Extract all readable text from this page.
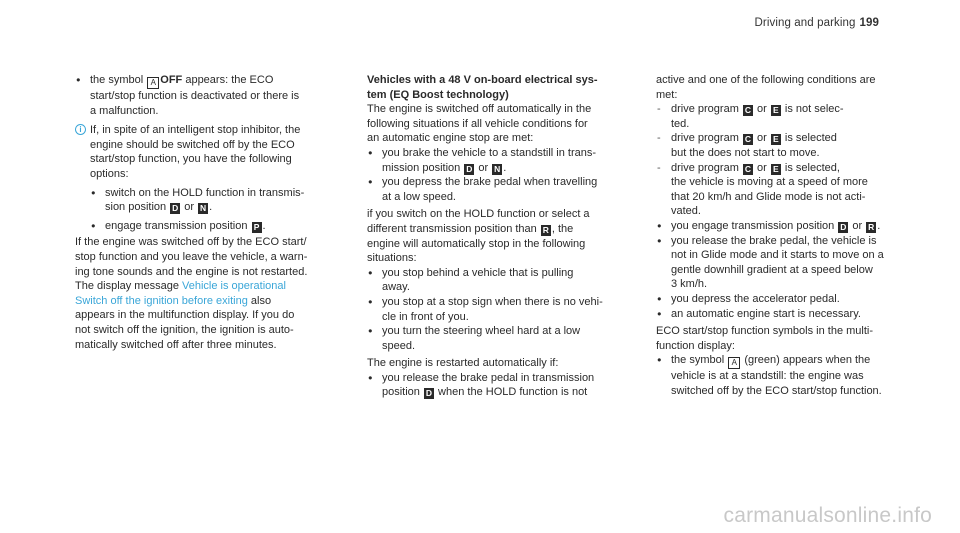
Driving and parking 199
● the symbol A OFF appears: the ECO
start/stop function is deactivated or there is
a malfunction.
i If, in spite of an intelligent stop inhibitor, the
engine should be switched off by the ECO
start/stop function, you have the following
options:
● switch on the HOLD function in transmis-
sion position D or N .
● engage transmission position P .
If the engine was switched off by the ECO start/
stop function and you leave the vehicle, a warn-
ing tone sounds and the engine is not restarted.
The display message Vehicle is operational
Switch off the ignition before exiting also
appears in the multifunction display. If you do
not switch off the ignition, the ignition is auto-
matically switched off after three minutes.
Vehicles with a 48 V on-board electrical sys-
tem (EQ Boost technology)
The engine is switched off automatically in the
following situations if all vehicle conditions for
an automatic engine stop are met:
● you brake the vehicle to a standstill in trans-
mission position D or N .
● you depress the brake pedal when travelling
at a low speed.
if you switch on the HOLD function or select a
different transmission position than R , the
engine will automatically stop in the following
situations:
● you stop behind a vehicle that is pulling
away.
● you stop at a stop sign when there is no vehi-
cle in front of you.
● you turn the steering wheel hard at a low
speed.
The engine is restarted automatically if:
● you release the brake pedal in transmission
position D when the HOLD function is not
active and one of the following conditions are
met:
- drive program C or E is not selec-
ted.
- drive program C or E is selected
but the does not start to move.
- drive program C or E is selected,
the vehicle is moving at a speed of more
that 20 km/h and Glide mode is not acti-
vated.
● you engage transmission position D or R .
● you release the brake pedal, the vehicle is
not in Glide mode and it starts to move on a
gentle downhill gradient at a speed below
3 km/h.
● you depress the accelerator pedal.
● an automatic engine start is necessary.
ECO start/stop function symbols in the multi-
function display:
● the symbol A (green) appears when the
vehicle is at a standstill: the engine was
switched off by the ECO start/stop function.
carmanualsonline.info
